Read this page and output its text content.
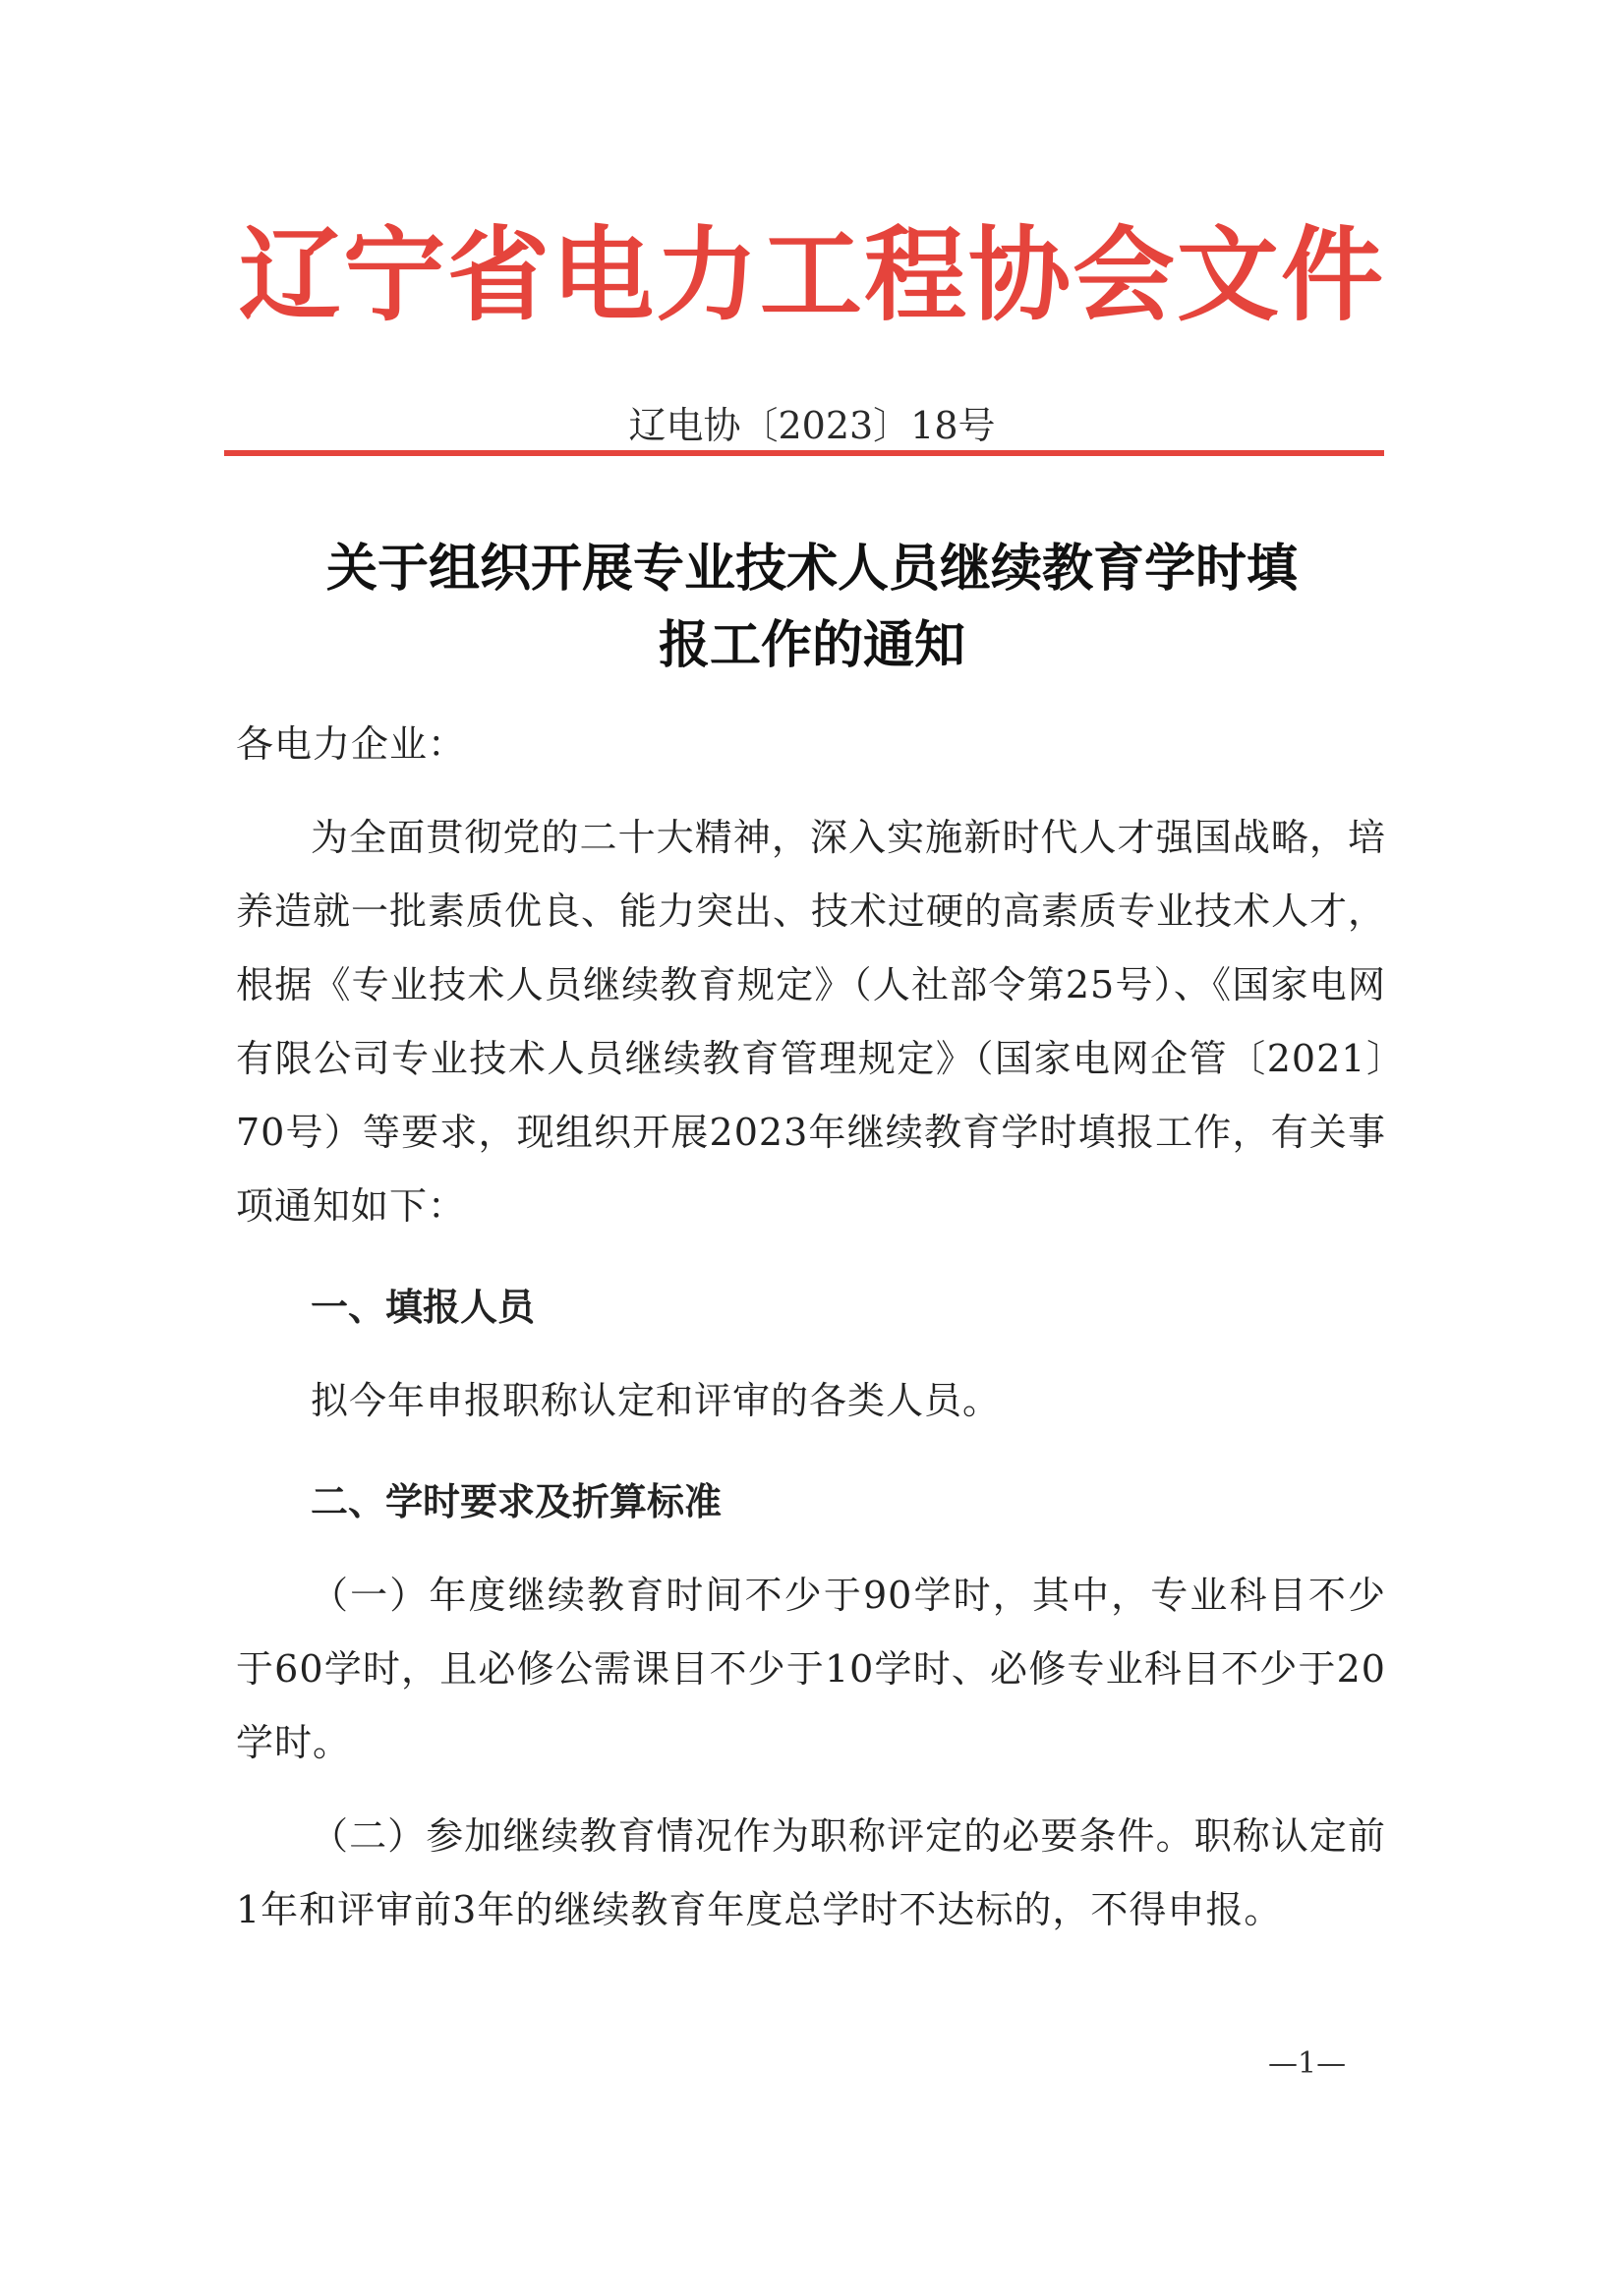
辽宁省电力工程协会文件
辽电协〔2023〕18号
关于组织开展专业技术人员继续教育学时填
报工作的通知

各电力企业：

为全面贯彻党的二十大精神，深入实施新时代人才强国战略，培养造就一批素质优良、能力突出、技术过硬的高素质专业技术人才，根据《专业技术人员继续教育规定》（人社部令第25号）、《国家电网有限公司专业技术人员继续教育管理规定》（国家电网企管〔2021〕70号）等要求，现组织开展2023年继续教育学时填报工作，有关事项通知如下：

一、填报人员

拟今年申报职称认定和评审的各类人员。

二、学时要求及折算标准

（一）年度继续教育时间不少于90学时，其中，专业科目不少于60学时，且必修公需课目不少于10学时、必修专业科目不少于20学时。

（二）参加继续教育情况作为职称评定的必要条件。职称认定前1年和评审前3年的继续教育年度总学时不达标的，不得申报。

—1—
